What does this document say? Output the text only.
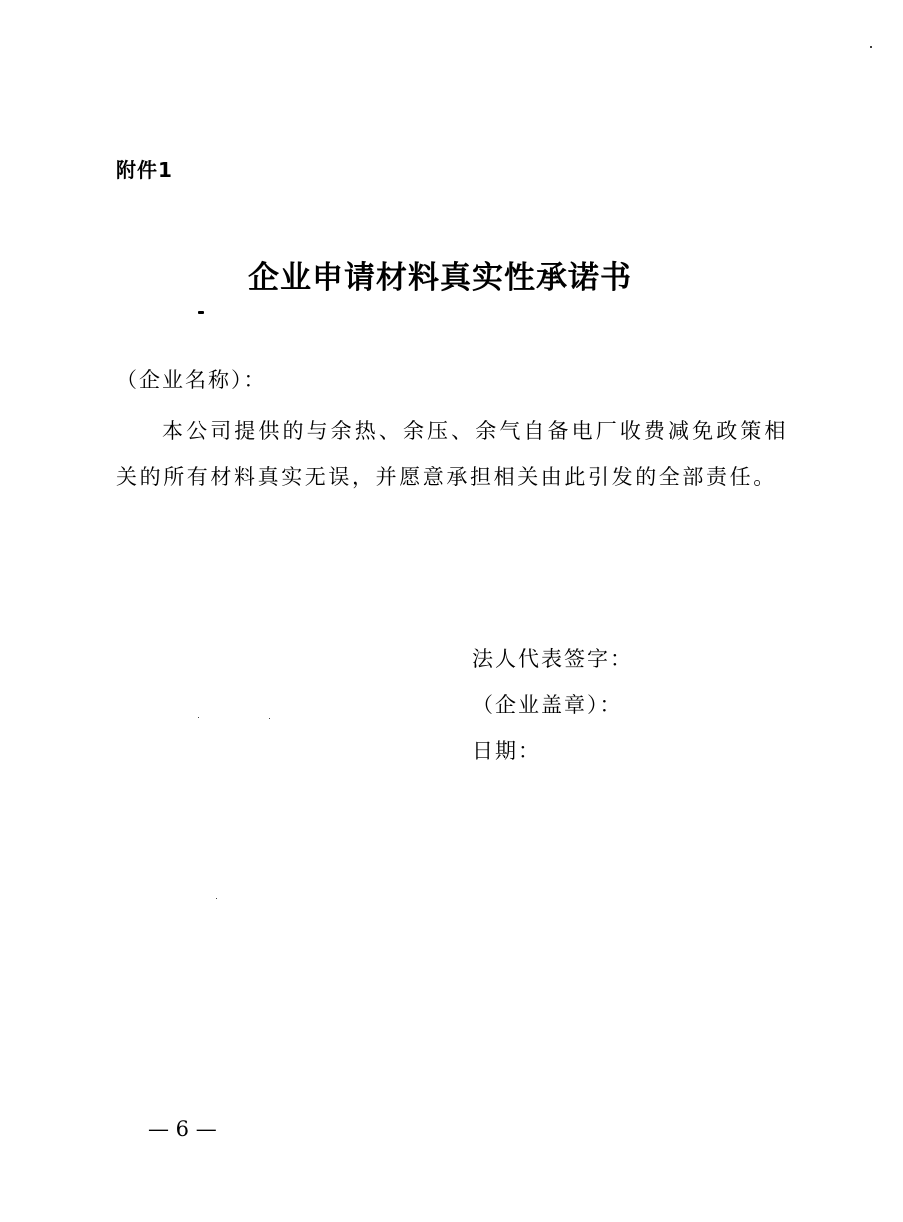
附件1
企业申请材料真实性承诺书
（企业名称）：
本公司提供的与余热、余压、余气自备电厂收费减免政策相关的所有材料真实无误，并愿意承担相关由此引发的全部责任。
法人代表签字：
（企业盖章）：
日期：
— 6 —
